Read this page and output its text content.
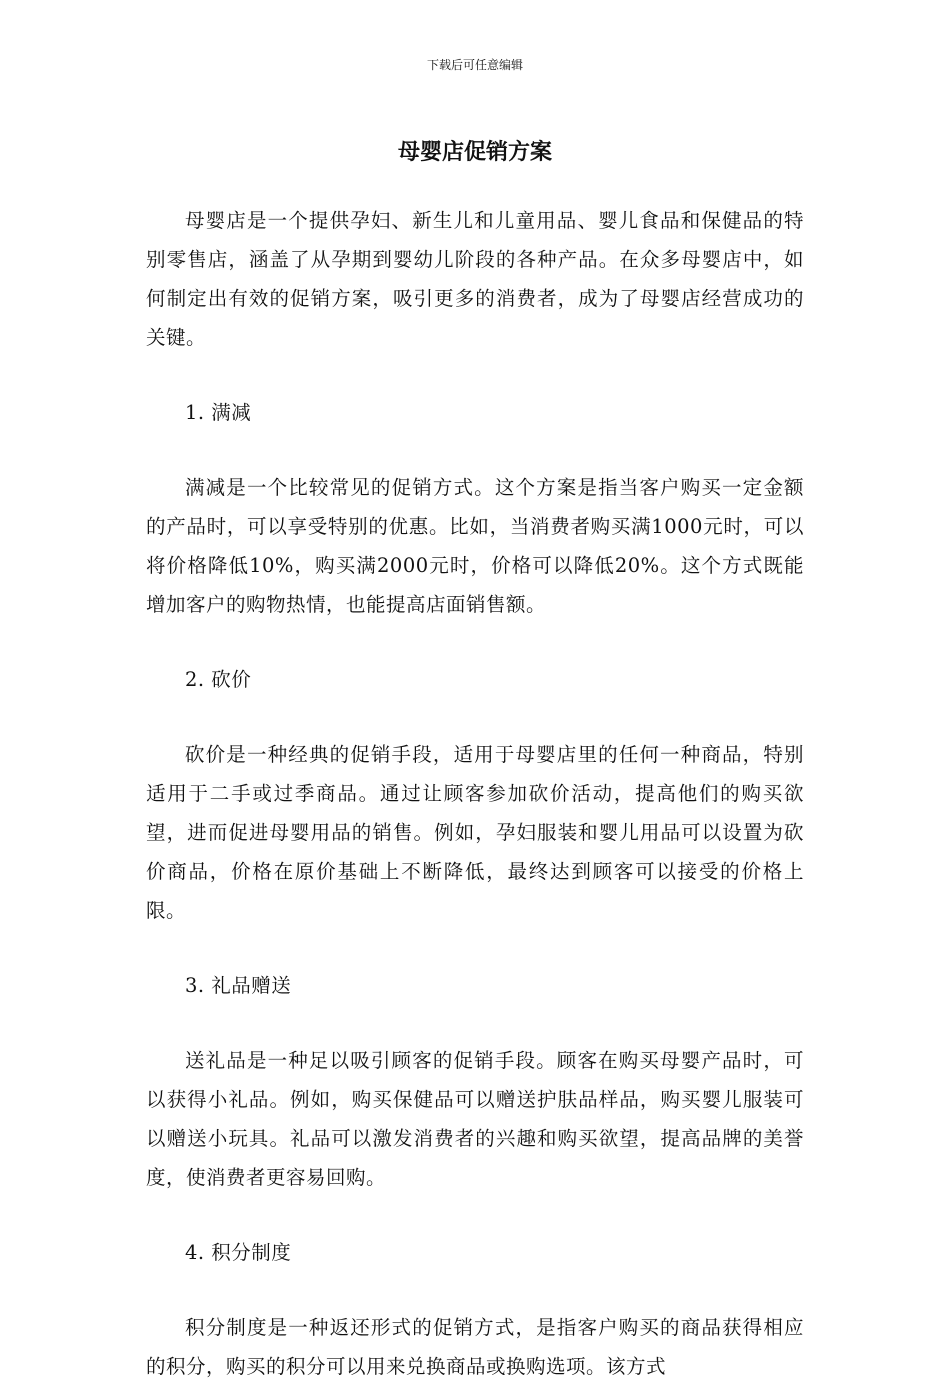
下载后可任意编辑
母婴店促销方案

母婴店是一个提供孕妇、新生儿和儿童用品、婴儿食品和保健品的特别零售店，涵盖了从孕期到婴幼儿阶段的各种产品。在众多母婴店中，如何制定出有效的促销方案，吸引更多的消费者，成为了母婴店经营成功的关键。

1. 满减

满减是一个比较常见的促销方式。这个方案是指当客户购买一定金额的产品时，可以享受特别的优惠。比如，当消费者购买满1000元时，可以将价格降低10%，购买满2000元时，价格可以降低20%。这个方式既能增加客户的购物热情，也能提高店面销售额。

2. 砍价

砍价是一种经典的促销手段，适用于母婴店里的任何一种商品，特别适用于二手或过季商品。通过让顾客参加砍价活动，提高他们的购买欲望，进而促进母婴用品的销售。例如，孕妇服装和婴儿用品可以设置为砍价商品，价格在原价基础上不断降低，最终达到顾客可以接受的价格上限。

3. 礼品赠送

送礼品是一种足以吸引顾客的促销手段。顾客在购买母婴产品时，可以获得小礼品。例如，购买保健品可以赠送护肤品样品，购买婴儿服装可以赠送小玩具。礼品可以激发消费者的兴趣和购买欲望，提高品牌的美誉度，使消费者更容易回购。

4. 积分制度

积分制度是一种返还形式的促销方式，是指客户购买的商品获得相应的积分，购买的积分可以用来兑换商品或换购选项。该方式
